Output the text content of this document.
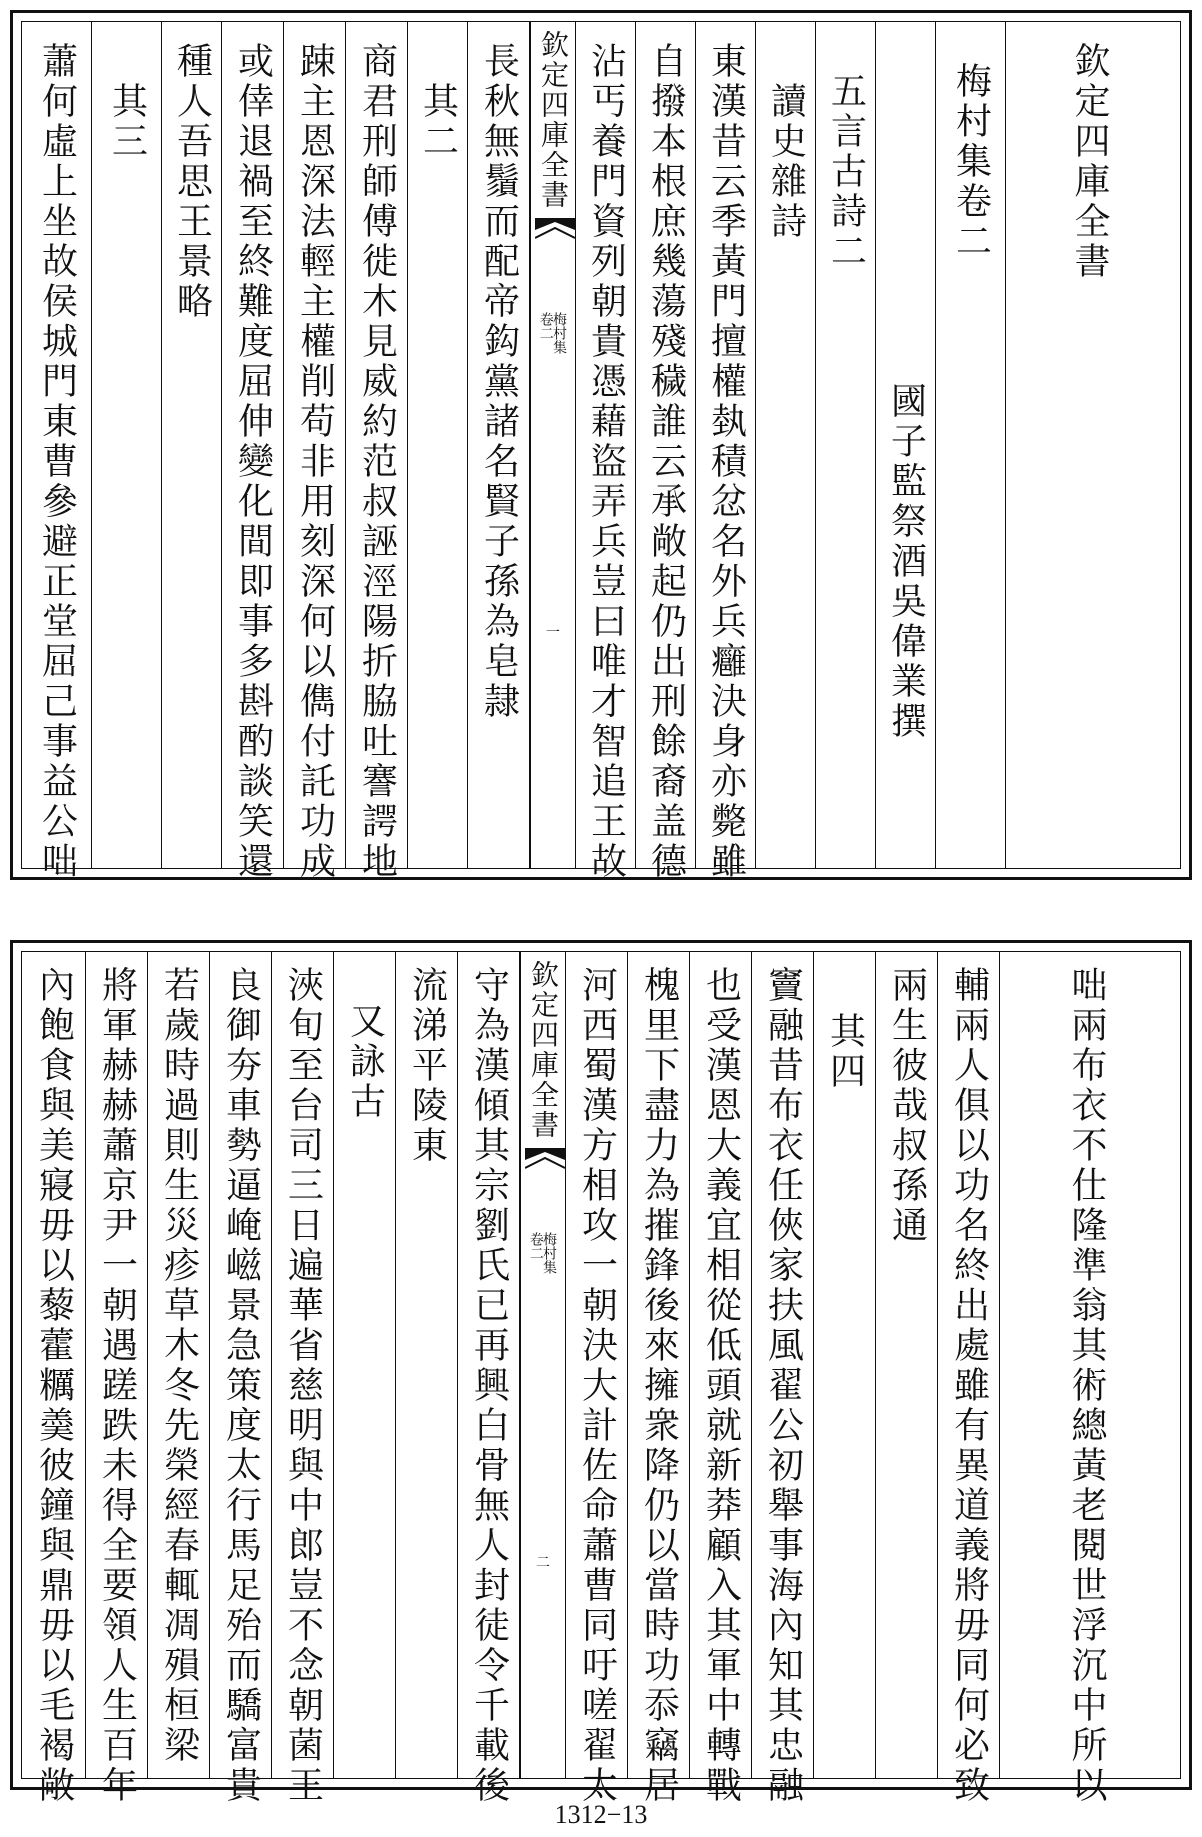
蕭何虛上坐故侯城門東曹參避正堂屈己事益公咄 其三 種人吾思王景略 或倖退禍至終難度屈伸變化間即事多斟酌談笑還 踈主恩深法輕主權削苟非用刻深何以儁付託功成 商君刑師傅徙木見威約范叔誣涇陽折脇吐謇諤地 其二 長秋無鬚而配帝鈎黨諸名賢子孫為皂隷 欽定四庫全書
梅村集
卷二
一 沾丐養門資列朝貴憑藉盜弄兵豈曰唯才智追王故 自撥本根庶幾蕩殘穢誰云承敞起仍出刑餘裔盖德 東漢昔云季黃門擅權埶積忿名外兵癰決身亦斃雖 讀史雜詩 五言古詩二
國子監祭酒吳偉業撰
梅村集卷二 欽定四庫全書
內飽食與美寢毋以藜藿糲羮彼鐘與鼎毋以毛褐敞 將軍赫赫蕭京尹一朝遇蹉跌未得全要領人生百年 若歲時過則生災疹草木冬先榮經春輒凋殞桓梁 良御夯車勢逼崦嵫景急策度太行馬足殆而驕富貴 浹旬至台司三日遍華省慈明與中郎豈不念朝菌王 又詠古 流涕平陵東 守為漢傾其宗劉氏已再興白骨無人封徒令千載後 欽定四庫全書
梅村集
卷二
二 河西蜀漢方相攻一朝決大計佐命蕭曹同吁嗟翟太 槐里下盡力為摧鋒後來擁衆降仍以當時功忝竊居 也受漢恩大義宜相從低頭就新莽顧入其軍中轉戰 竇融昔布衣任俠家扶風翟公初舉事海內知其忠融 其四 兩生彼哉叔孫通 輔兩人俱以功名終出處雖有異道義將毋同何必致 咄兩布衣不仕隆準翁其術總黃老閱世浮沉中所以
1312−13
